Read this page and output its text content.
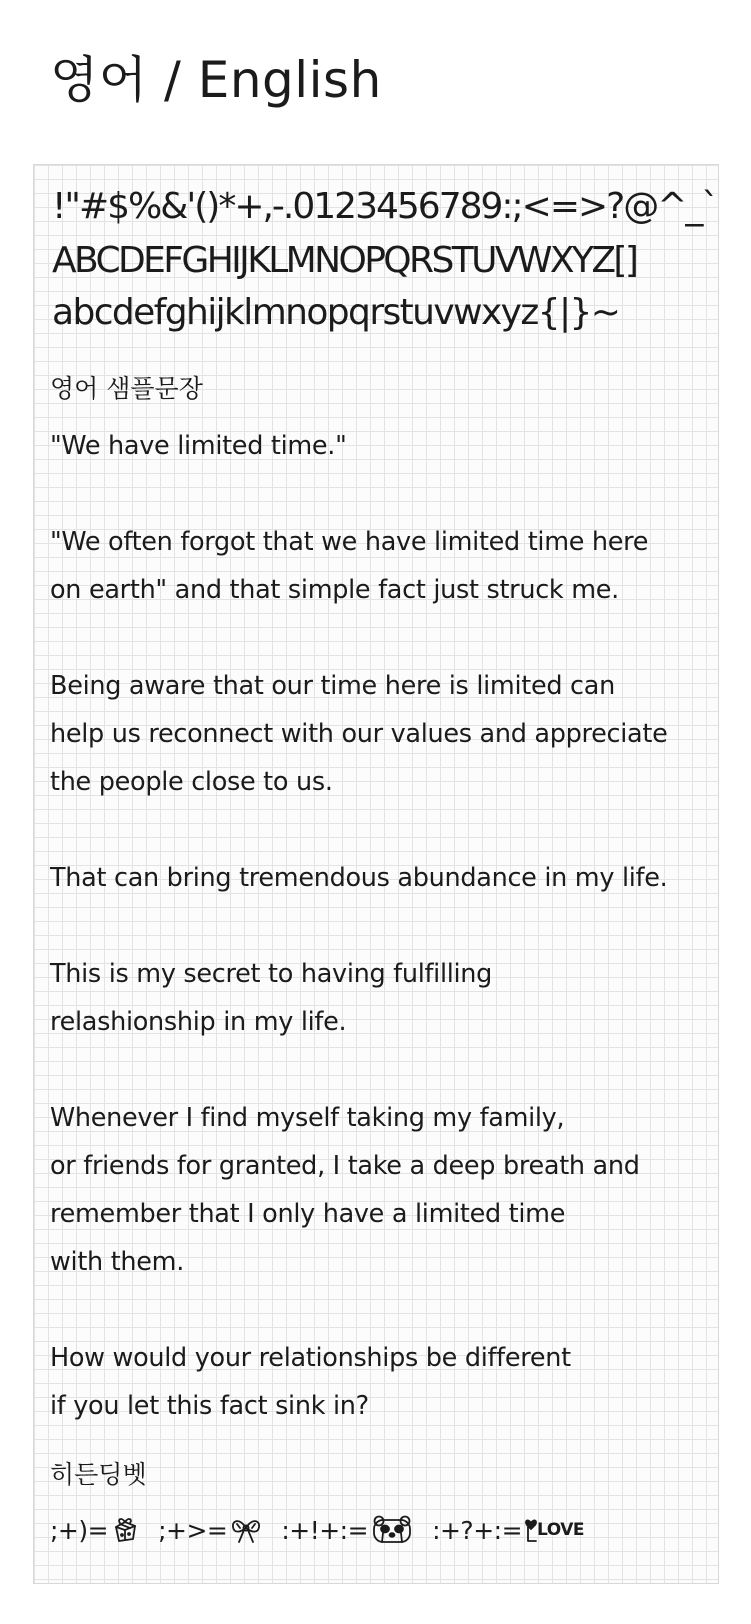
영어 / English
!"#$%&'()*+,-.0123456789:;<=>?@^_`
ABCDEFGHIJKLMNOPQRSTUVWXYZ[]
abcdefghijklmnopqrstuvwxyz{|}~
영어 샘플문장

"We have limited time."

"We often forgot that we have limited time here
on earth" and that simple fact just struck me.

Being aware that our time here is limited can
help us reconnect with our values and appreciate
the people close to us.

That can bring tremendous abundance in my life.

This is my secret to having fulfilling
relashionship in my life.

Whenever I find myself taking my family,
or friends for granted, I take a deep breath and
remember that I only have a limited time
with them.

How would your relationships be different
if you let this fact sink in?

히든딩벳
;+)= ;+>= :+!+:=	:+?+:= LOVE
